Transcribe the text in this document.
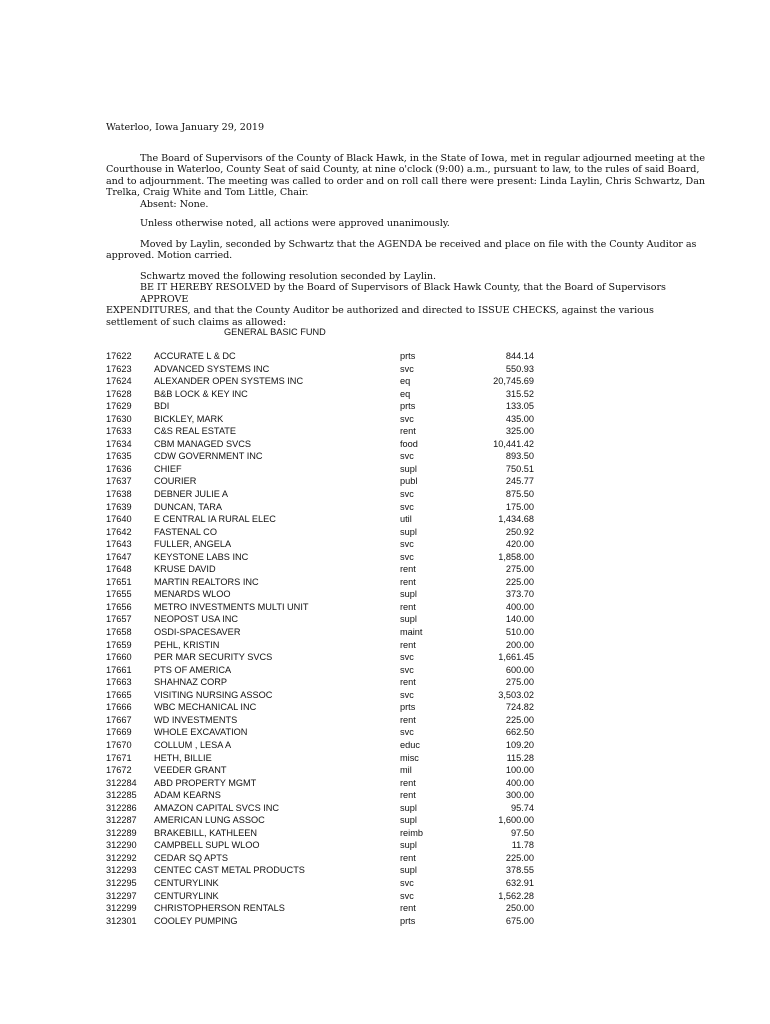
Waterloo, Iowa January 29, 2019
The Board of Supervisors of the County of Black Hawk, in the State of Iowa, met in regular adjourned meeting at the
Courthouse in Waterloo, County Seat of said County, at nine o'clock (9:00) a.m., pursuant to law, to the rules of said Board, and to adjournment. The meeting was called to order and on roll call there were present: Linda Laylin, Chris Schwartz, Dan Trelka, Craig White and Tom Little, Chair.
Absent: None.
Unless otherwise noted, all actions were approved unanimously.
Moved by Laylin, seconded by Schwartz that the AGENDA be received and place on file with the County Auditor as
approved. Motion carried.
Schwartz moved the following resolution seconded by Laylin.
BE IT HEREBY RESOLVED by the Board of Supervisors of Black Hawk County, that the Board of Supervisors APPROVE
EXPENDITURES, and that the County Auditor be authorized and directed to ISSUE CHECKS, against the various settlement of such claims as allowed:
GENERAL BASIC FUND
17622	ACCURATE L & DC	prts	844.14
17623	ADVANCED SYSTEMS INC	svc	550.93
17624	ALEXANDER OPEN SYSTEMS INC	eq	20,745.69
17628	B&B LOCK & KEY INC	eq	315.52
17629	BDI	prts	133.05
17630	BICKLEY, MARK	svc	435.00
17633	C&S REAL ESTATE	rent	325.00
17634	CBM MANAGED SVCS	food	10,441.42
17635	CDW GOVERNMENT INC	svc	893.50
17636	CHIEF	supl	750.51
17637	COURIER	publ	245.77
17638	DEBNER JULIE A	svc	875.50
17639	DUNCAN, TARA	svc	175.00
17640	E CENTRAL IA RURAL ELEC	util	1,434.68
17642	FASTENAL CO	supl	250.92
17643	FULLER, ANGELA	svc	420.00
17647	KEYSTONE LABS INC	svc	1,858.00
17648	KRUSE DAVID	rent	275.00
17651	MARTIN REALTORS INC	rent	225.00
17655	MENARDS WLOO	supl	373.70
17656	METRO INVESTMENTS MULTI UNIT	rent	400.00
17657	NEOPOST USA INC	supl	140.00
17658	OSDI-SPACESAVER	maint	510.00
17659	PEHL, KRISTIN	rent	200.00
17660	PER MAR SECURITY SVCS	svc	1,661.45
17661	PTS OF AMERICA	svc	600.00
17663	SHAHNAZ CORP	rent	275.00
17665	VISITING NURSING ASSOC	svc	3,503.02
17666	WBC MECHANICAL INC	prts	724.82
17667	WD INVESTMENTS	rent	225.00
17669	WHOLE EXCAVATION	svc	662.50
17670	COLLUM , LESA A	educ	109.20
17671	HETH, BILLIE	misc	115.28
17672	VEEDER GRANT	mil	100.00
312284	ABD PROPERTY MGMT	rent	400.00
312285	ADAM KEARNS	rent	300.00
312286	AMAZON CAPITAL SVCS INC	supl	95.74
312287	AMERICAN LUNG ASSOC	supl	1,600.00
312289	BRAKEBILL, KATHLEEN	reimb	97.50
312290	CAMPBELL SUPL WLOO	supl	11.78
312292	CEDAR SQ APTS	rent	225.00
312293	CENTEC CAST METAL PRODUCTS	supl	378.55
312295	CENTURYLINK	svc	632.91
312297	CENTURYLINK	svc	1,562.28
312299	CHRISTOPHERSON RENTALS	rent	250.00
312301	COOLEY PUMPING	prts	675.00
